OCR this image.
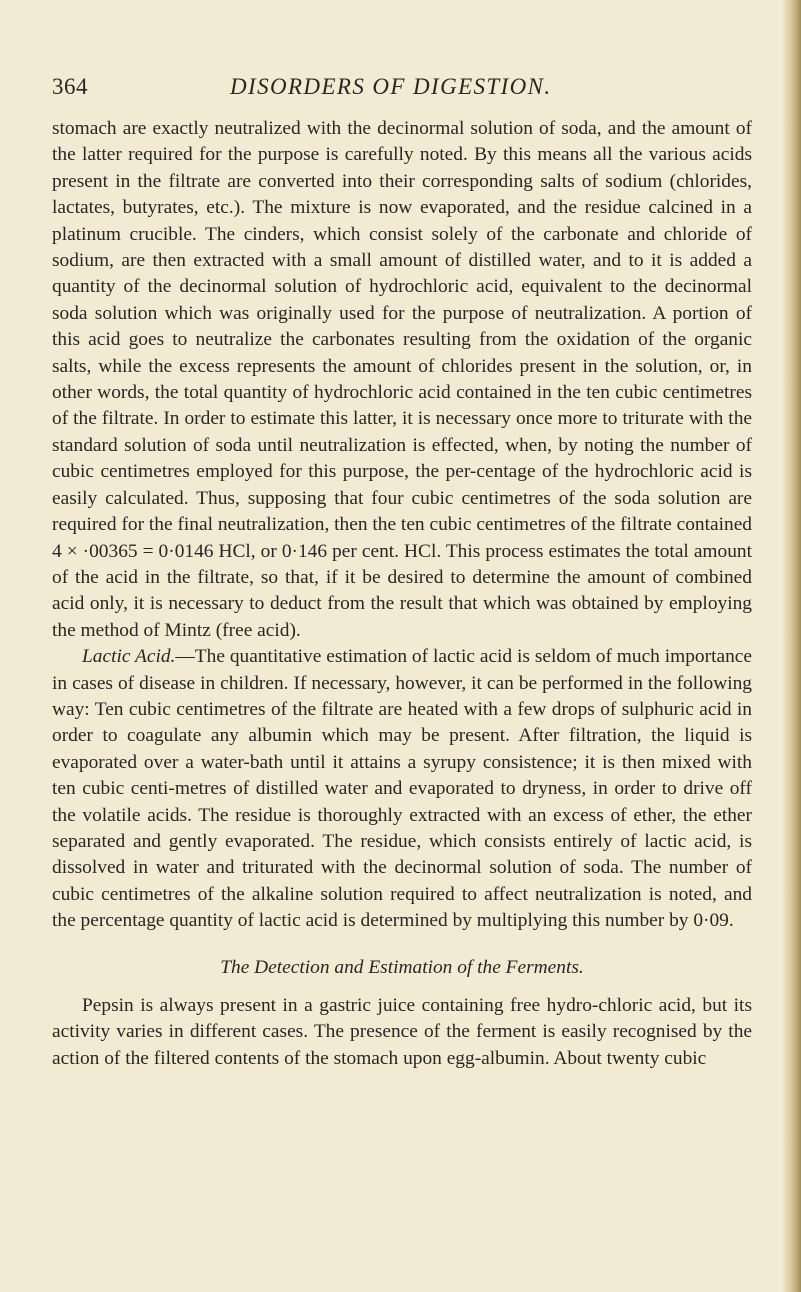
364	DISORDERS OF DIGESTION.

stomach are exactly neutralized with the decinormal solution of soda, and the amount of the latter required for the purpose is carefully noted. By this means all the various acids present in the filtrate are converted into their corresponding salts of sodium (chlorides, lactates, butyrates, etc.). The mixture is now evaporated, and the residue calcined in a platinum crucible. The cinders, which consist solely of the carbonate and chloride of sodium, are then extracted with a small amount of distilled water, and to it is added a quantity of the decinormal solution of hydrochloric acid, equivalent to the decinormal soda solution which was originally used for the purpose of neutralization. A portion of this acid goes to neutralize the carbonates resulting from the oxidation of the organic salts, while the excess represents the amount of chlorides present in the solution, or, in other words, the total quantity of hydrochloric acid contained in the ten cubic centimetres of the filtrate. In order to estimate this latter, it is necessary once more to triturate with the standard solution of soda until neutralization is effected, when, by noting the number of cubic centimetres employed for this purpose, the per-centage of the hydrochloric acid is easily calculated. Thus, supposing that four cubic centimetres of the soda solution are required for the final neutralization, then the ten cubic centimetres of the filtrate contained 4 × ·00365 = 0·0146 HCl, or 0·146 per cent. HCl. This process estimates the total amount of the acid in the filtrate, so that, if it be desired to determine the amount of combined acid only, it is necessary to deduct from the result that which was obtained by employing the method of Mintz (free acid).

Lactic Acid.—The quantitative estimation of lactic acid is seldom of much importance in cases of disease in children. If necessary, however, it can be performed in the following way: Ten cubic centimetres of the filtrate are heated with a few drops of sulphuric acid in order to coagulate any albumin which may be present. After filtration, the liquid is evaporated over a water-bath until it attains a syrupy consistence; it is then mixed with ten cubic centi-metres of distilled water and evaporated to dryness, in order to drive off the volatile acids. The residue is thoroughly extracted with an excess of ether, the ether separated and gently evaporated. The residue, which consists entirely of lactic acid, is dissolved in water and triturated with the decinormal solution of soda. The number of cubic centimetres of the alkaline solution required to affect neutralization is noted, and the percentage quantity of lactic acid is determined by multiplying this number by 0·09.

The Detection and Estimation of the Ferments.

Pepsin is always present in a gastric juice containing free hydro-chloric acid, but its activity varies in different cases. The presence of the ferment is easily recognised by the action of the filtered contents of the stomach upon egg-albumin. About twenty cubic
